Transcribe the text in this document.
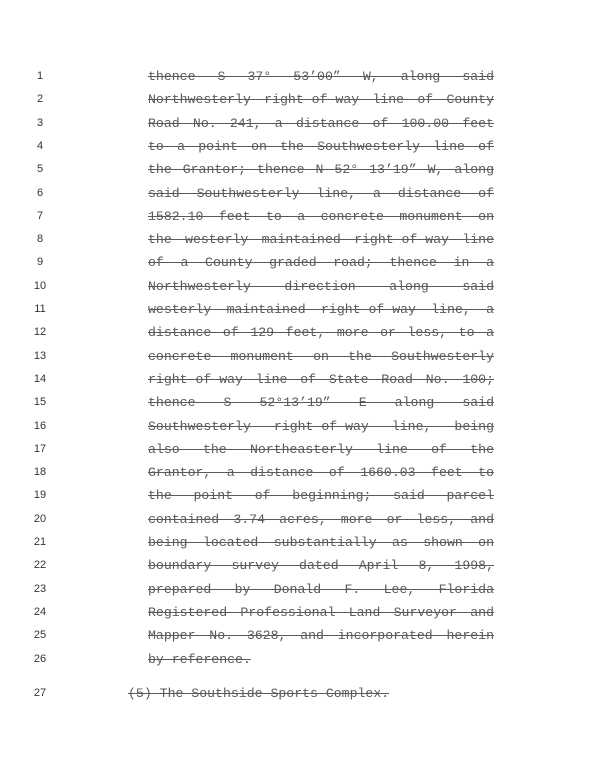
1	thence S 37° 53’00” W, along said
2	Northwesterly right-of-way line of County
3	Road No. 241, a distance of 100.00 feet
4	to a point on the Southwesterly line of
5	the Grantor; thence N 52° 13’19” W, along
6	said Southwesterly line, a distance of
7	1582.10 feet to a concrete monument on
8	the westerly maintained right-of-way line
9	of a County graded road; thence in a
10	Northwesterly direction along said
11	westerly maintained right-of-way line, a
12	distance of 129 feet, more or less, to a
13	concrete monument on the Southwesterly
14	right-of-way line of State Road No. 100;
15	thence S 52°13’19” E along said
16	Southwesterly right-of-way line, being
17	also the Northeasterly line of the
18	Grantor, a distance of 1660.03 feet to
19	the point of beginning; said parcel
20	contained 3.74 acres, more or less, and
21	being located substantially as shown on
22	boundary survey dated April 8, 1998,
23	prepared by Donald F. Lee, Florida
24	Registered Professional Land Surveyor and
25	Mapper No. 3628, and incorporated herein
26	by reference.
27	(5) The Southside Sports Complex.
